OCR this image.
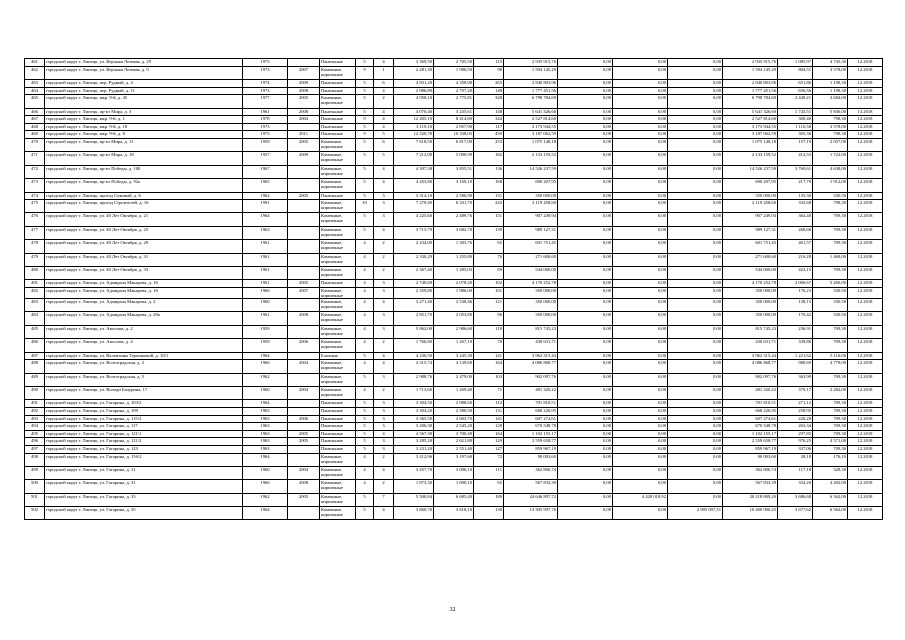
461	городской округ г. Липецк, ул. Верхняя Лозовая, д. 29	1975		Панельные	5	4	3 369,50	2 705,50	115	2 935 915,76	0,00	0,00	0,00	2 935 915,76	1 085,97	4 745,30	12.2018
462	городской округ г. Липецк, ул. Верхняя Лозовая, д. 9	1973	2007	Каменные, кирпичные	9	1	2 281,30	1 986,50	98	1 594 145,29	0,00	0,00	0,00	1 594 145,29	804,51	3 578,00	12.2018
463	городской округ г. Липецк, пер. Рудный, д. 4	1974	2009	Панельные	5	6	4 831,20	4 358,90	265	2 840 803,96	0,00	0,00	0,00	2 840 803,96	651,86	1 198,30	12.2018
464	городской округ г. Липецк, пер. Рудный, д. 11	1973	2008	Панельные	5	4	2 986,80	2 707,20	148	1 777 451,56	0,00	0,00	0,00	1 777 451,56	656,56	1 198,30	12.2018
465	городской округ г. Липецк, мкр. 9-й, д. 45	1977	2005	Каменные, кирпичные	5	2	4 958,10	2 775,81	328	6 798 784,69	0,00	0,00	0,00	6 798 784,69	2 449,21	3 684,00	12.2018
466	городской округ г. Липецк, пр-кт Мира, д. 3	1961	2008	Панельные	5	4	4 070,40	3 235,61	148	5 641 326,60	0,00	0,00	0,00	5 641 326,60	1 743,51	5 836,00	13.2018
467	городской округ г. Липецк, мкр. 9-й, д. 1	1978	2004	Панельные	9	4	12 405,10	8 414,80	344	2 527 814,60	0,00	0,00	0,00	2 527 814,60	300,40	798,30	12.2018
468	городской округ г. Липецк, мкр. 9-й, д. 18	1973		Панельные	5	4	3 119,10	2 857,90	117	3 173 944,55	0,00	0,00	0,00	3 173 944,55	1 110,58	3 578,00	12.2018
469	городской округ г. Липецк, мкр. 9-й, д. 8	1975	2011	Панельные	9	5	12 520,70	10 338,05	450	3 187 062,59	0,00	0,00	0,00	3 187 062,59	305,36	798,30	12.2018
470	городской округ г. Липецк, пр-кт Мира, д. 11	1959	2005	Каменные, кирпичные	5	6	7 618,50	6 817,00	253	1 075 148,18	0,00	0,00	0,00	1 075 148,18	157,19	2 057,00	12.2018
471	городской округ г. Липецк, пр-кт Мира, д. 18	1957	2009	Каменные, кирпичные	5	5	7 212,90	5 090,99	182	2 133 159,52	0,00	0,00	0,00	2 133 159,52	412,53	1 722,00	12.2018
472	городской округ г. Липецк, пр-кт Победы, д. 100	1967		Каменные, кирпичные	5	4	4 397,38	3 855,51	136	14 526 237,59	0,00	0,00	0,00	14 526 237,59	3 769,61	4 638,00	12.2018
473	городской округ г. Липецк, пр-кт Победы, д. 92а	1965		Каменные, кирпичные	5	4	4 453,80	3 169,10	168	690 207,95	0,00	0,00	0,00	690 207,95	217,79	1 912,00	12.2018
474	городской округ г. Липецк, проезд Сиковый, д. 6	1962	2005	Панельные	5	3	3 314,10	2 586,90	131	350 000,00	0,00	0,00	0,00	350 000,00	135,30	330,50	12.2018
475	городской округ г. Липецк, проезд Строителей, д. 16	1991		Каменные, кирпичные	10	3	7 279,49	6 331,70	245	2 119 458,60	0,00	0,00	0,00	2 119 458,60	335,68	798,30	12.2018
476	городской округ г. Липецк, ул. 40 Лет Октября, д. 21	1964		Каменные, кирпичные	5	3	4 225,60	2 489,76	151	907 249,94	0,00	0,00	0,00	907 249,94	364,40	709,30	12.2018
477	городской округ г. Липецк, ул. 40 Лет Октября, д. 25	1963		Каменные, кирпичные	5	4	3 715,79	3 682,70	139	989 127,31	0,00	0,00	0,00	989 127,31	268,66	709,30	12.2018
478	городской округ г. Липецк, ул. 40 Лет Октября, д. 29	1961		Каменные, кирпичные	4	2	2 234,00	1 303,76	65	601 751,45	0,00	0,00	0,00	601 751,45	461,57	709,30	12.2018
479	городской округ г. Липецк, ул. 40 Лет Октября, д. 31	1961		Каменные, кирпичные	4	2	2 330,29	1 255,80	76	271 600,60	0,00	0,00	0,00	271 600,60	216,28	1 468,00	12.2018
480	городской округ г. Липецк, ул. 40 Лет Октября, д. 33	1961		Каменные, кирпичные	4	2	2 367,40	1 285,03	69	544 000,00	0,00	0,00	0,00	544 000,00	423,15	709,30	12.2018
481	городской округ г. Липецк, ул. Адмирала Макарова, д. 16	1961	2005	Панельные	4	3	2 740,69	2 078,20	102	4 170 252,78	0,00	0,00	0,00	4 170 252,78	2 006,67	5 260,00	12.2018
482	городской округ г. Липецк, ул. Адмирала Макарова, д. 16	1960	2007	Каменные, кирпичные	4	3	2 359,80	1 986,00	101	350 000,00	0,00	0,00	0,00	350 000,00	176,23	330,50	12.2018
483	городской округ г. Липецк, ул. Адмирала Макарова, д. 2	1960		Каменные, кирпичные	4	4	3 271,40	2 538,46	121	350 000,00	0,00	0,00	0,00	350 000,00	138,13	330,50	12.2018
484	городской округ г. Липецк, ул. Адмирала Макарова, д. 28а	1961	2008	Каменные, кирпичные	4	3	2 851,70	2 053,80	96	350 000,00	0,00	0,00	0,00	350 000,00	170,42	330,50	12.2018
485	городской округ г. Липецк, ул. Амосова, д. 2	1959		Каменные, кирпичные	4	3	5 862,00	2 986,60	118	815 745,23	0,00	0,00	0,00	815 745,23	236,91	709,30	12.2018
486	городской округ г. Липецк, ул. Амосова, д. 4	1959	2006	Каменные, кирпичные	4	2	1 766,80	1 267,10	70	430 631,71	0,00	0,00	0,00	430 631,71	339,86	709,30	12.2018
487	городской округ г. Липецк, ул. Валентины Терешковой, д. 10/1	1964		Блочные	5	4	4 236,50	3 245,30	141	3 962 315,44	0,00	0,00	0,00	3 962 315,44	1 221,62	5 116,00	12.2018
488	городской округ г. Липецк, ул. Волгоградская, д. 2	1960	2004	Каменные, кирпичные	4	4	4 315,74	4 139,60	164	4 086 868,77	0,00	0,00	0,00	4 086 868,77	980,69	4 779,00	12.2018
489	городской округ г. Липецк, ул. Волгоградская, д. 5	1962		Каменные, кирпичные	5	3	2 988,76	2 479,00	103	902 097,76	0,00	0,00	0,00	902 097,76	363,90	709,30	12.2018
490	городской округ г. Липецк, ул. Володи Бачурина, 17	1960	2004	Каменные, кирпичные	4	2	1 713,60	1 269,40	71	481 320,22	0,00	0,00	0,00	481 320,22	379,17	2 282,00	12.2018
491	городской округ г. Липецк, ул. Гагарина, д. 103/2	1964		Панельные	5	3	3 304,50	2 988,60	112	701 810,51	0,00	0,00	0,00	701 810,51	271,12	709,30	12.2018
492	городской округ г. Липецк, ул. Гагарина, д. 109	1963		Панельные	5	3	3 304,20	2 580,50	131	668 226,95	0,00	0,00	0,00	668 226,95	258,95	709,30	12.2018
493	городской округ г. Липецк, ул. Гагарина, д. 115/2	1963	2006	Панельные	5	3	3 365,50	2 603,70	141	607 274,61	0,00	0,00	0,00	607 274,61	226,28	709,30	12.2018
494	городской округ г. Липецк, ул. Гагарина, д. 117	1963		Панельные	5	3	3 206,30	2 545,20	128	670 548,78	0,00	0,00	0,00	670 548,78	263,34	709,30	12.2018
495	городской округ г. Липецк, ул. Гагарина, д. 121/1	1963	2005	Панельные	5	4	4 567,30	3 700,40	164	1 102 155,17	0,00	0,00	0,00	1 102 155,17	297,85	709,30	12.2018
496	городской округ г. Липецк, ул. Гагарина, д. 121/2	1963	2005	Панельные	5	3	3 285,20	2 621,80	129	2 559 658,77	0,00	0,00	0,00	2 559 658,77	976,25	4 571,00	12.2018
497	городской округ г. Липецк, ул. Гагарина, д. 123	1963		Панельные	5	3	3 231,20	2 551,40	127	859 967,19	0,00	0,00	0,00	859 967,19	337,06	709,30	12.2018
498	городской округ г. Липецк, ул. Гагарина, д. 15б/2	1964		Каменные, кирпичные	4	2	3 212,96	3 197,60	72	90 003,60	0,00	0,00	0,00	90 003,60	28,18	176,10	12.2018
499	городской округ г. Липецк, ул. Гагарина, д. 31	1960	2004	Каменные, кирпичные	4	4	3 457,70	3 096,10	111	362 806,74	0,00	0,00	0,00	362 806,74	117,18	328,30	12.2018
500	городской округ г. Липецк, ул. Гагарина, д. 31	1960	2008	Каменные, кирпичные	4	2	1 873,30	1 690,10	65	567 833,39	0,00	0,00	0,00	567 833,39	334,20	4 202,00	12.2018
501	городской округ г. Липецк, ул. Гагарина, д. 33	1962	2005	Каменные, кирпичные	5	7	5 500,84	6 685,40	189	24 646 897,72	0,00	4 420 018,92	0,00	20 218 809,20	3 686,68	6 562,00	12.2018
502	городской округ г. Липецк, ул. Гагарина, д. 35	1964		Каменные, кирпичные	5	4	3 860,70	3 618,10	130	13 305 997,76	0,00	0,00	2 905 097,51	10 400 900,25	3 677,62	6 562,00	12.2018
32
